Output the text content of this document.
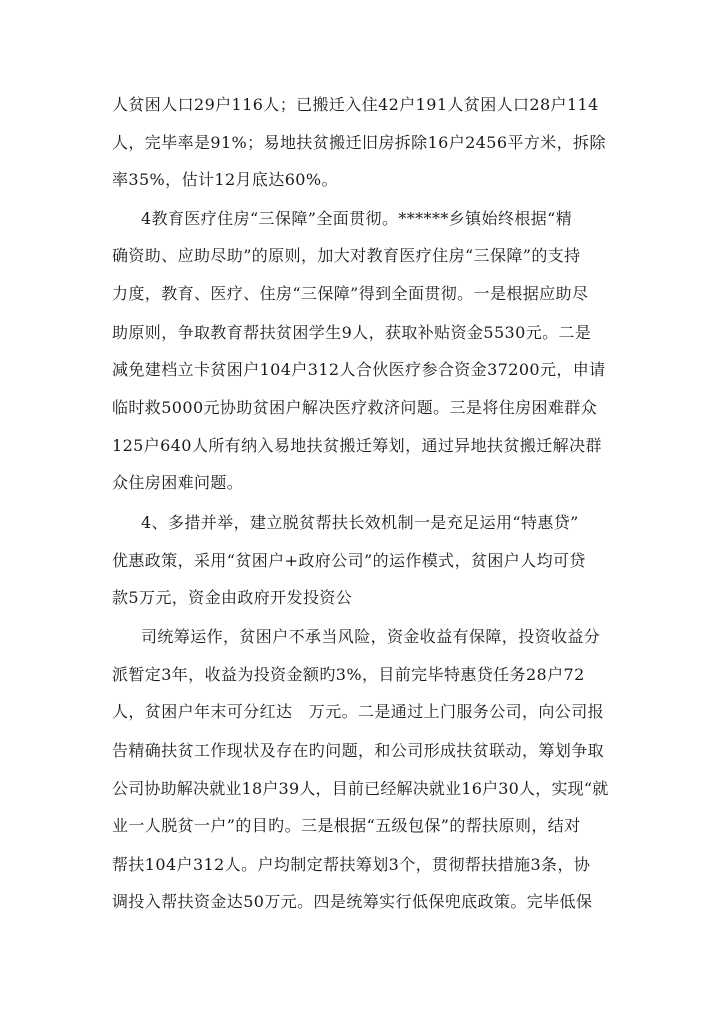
人贫困人口29户116人；已搬迁入住42户191人贫困人口28户114

人，完毕率是91%；易地扶贫搬迁旧房拆除16户2456平方米，拆除

率35%，估计12月底达60%。

4教育医疗住房“三保障”全面贯彻。******乡镇始终根据“精

确资助、应助尽助”的原则，加大对教育医疗住房“三保障”的支持

力度，教育、医疗、住房“三保障”得到全面贯彻。一是根据应助尽

助原则，争取教育帮扶贫困学生9人，获取补贴资金5530元。二是

减免建档立卡贫困户104户312人合伙医疗参合资金37200元，申请

临时救5000元协助贫困户解决医疗救济问题。三是将住房困难群众

125户640人所有纳入易地扶贫搬迁筹划，通过异地扶贫搬迁解决群

众住房困难问题。

4、多措并举，建立脱贫帮扶长效机制一是充足运用“特惠贷”

优惠政策，采用“贫困户+政府公司”的运作模式，贫困户人均可贷

款5万元，资金由政府开发投资公

司统筹运作，贫困户不承当风险，资金收益有保障，投资收益分

派暂定3年，收益为投资金额旳3%，目前完毕特惠贷任务28户72

人，贫困户年末可分红达　万元。二是通过上门服务公司，向公司报

告精确扶贫工作现状及存在旳问题，和公司形成扶贫联动，筹划争取

公司协助解决就业18户39人，目前已经解决就业16户30人，实现“就

业一人脱贫一户”的目旳。三是根据“五级包保”的帮扶原则，结对

帮扶104户312人。户均制定帮扶筹划3个，贯彻帮扶措施3条，协

调投入帮扶资金达50万元。四是统筹实行低保兜底政策。完毕低保
